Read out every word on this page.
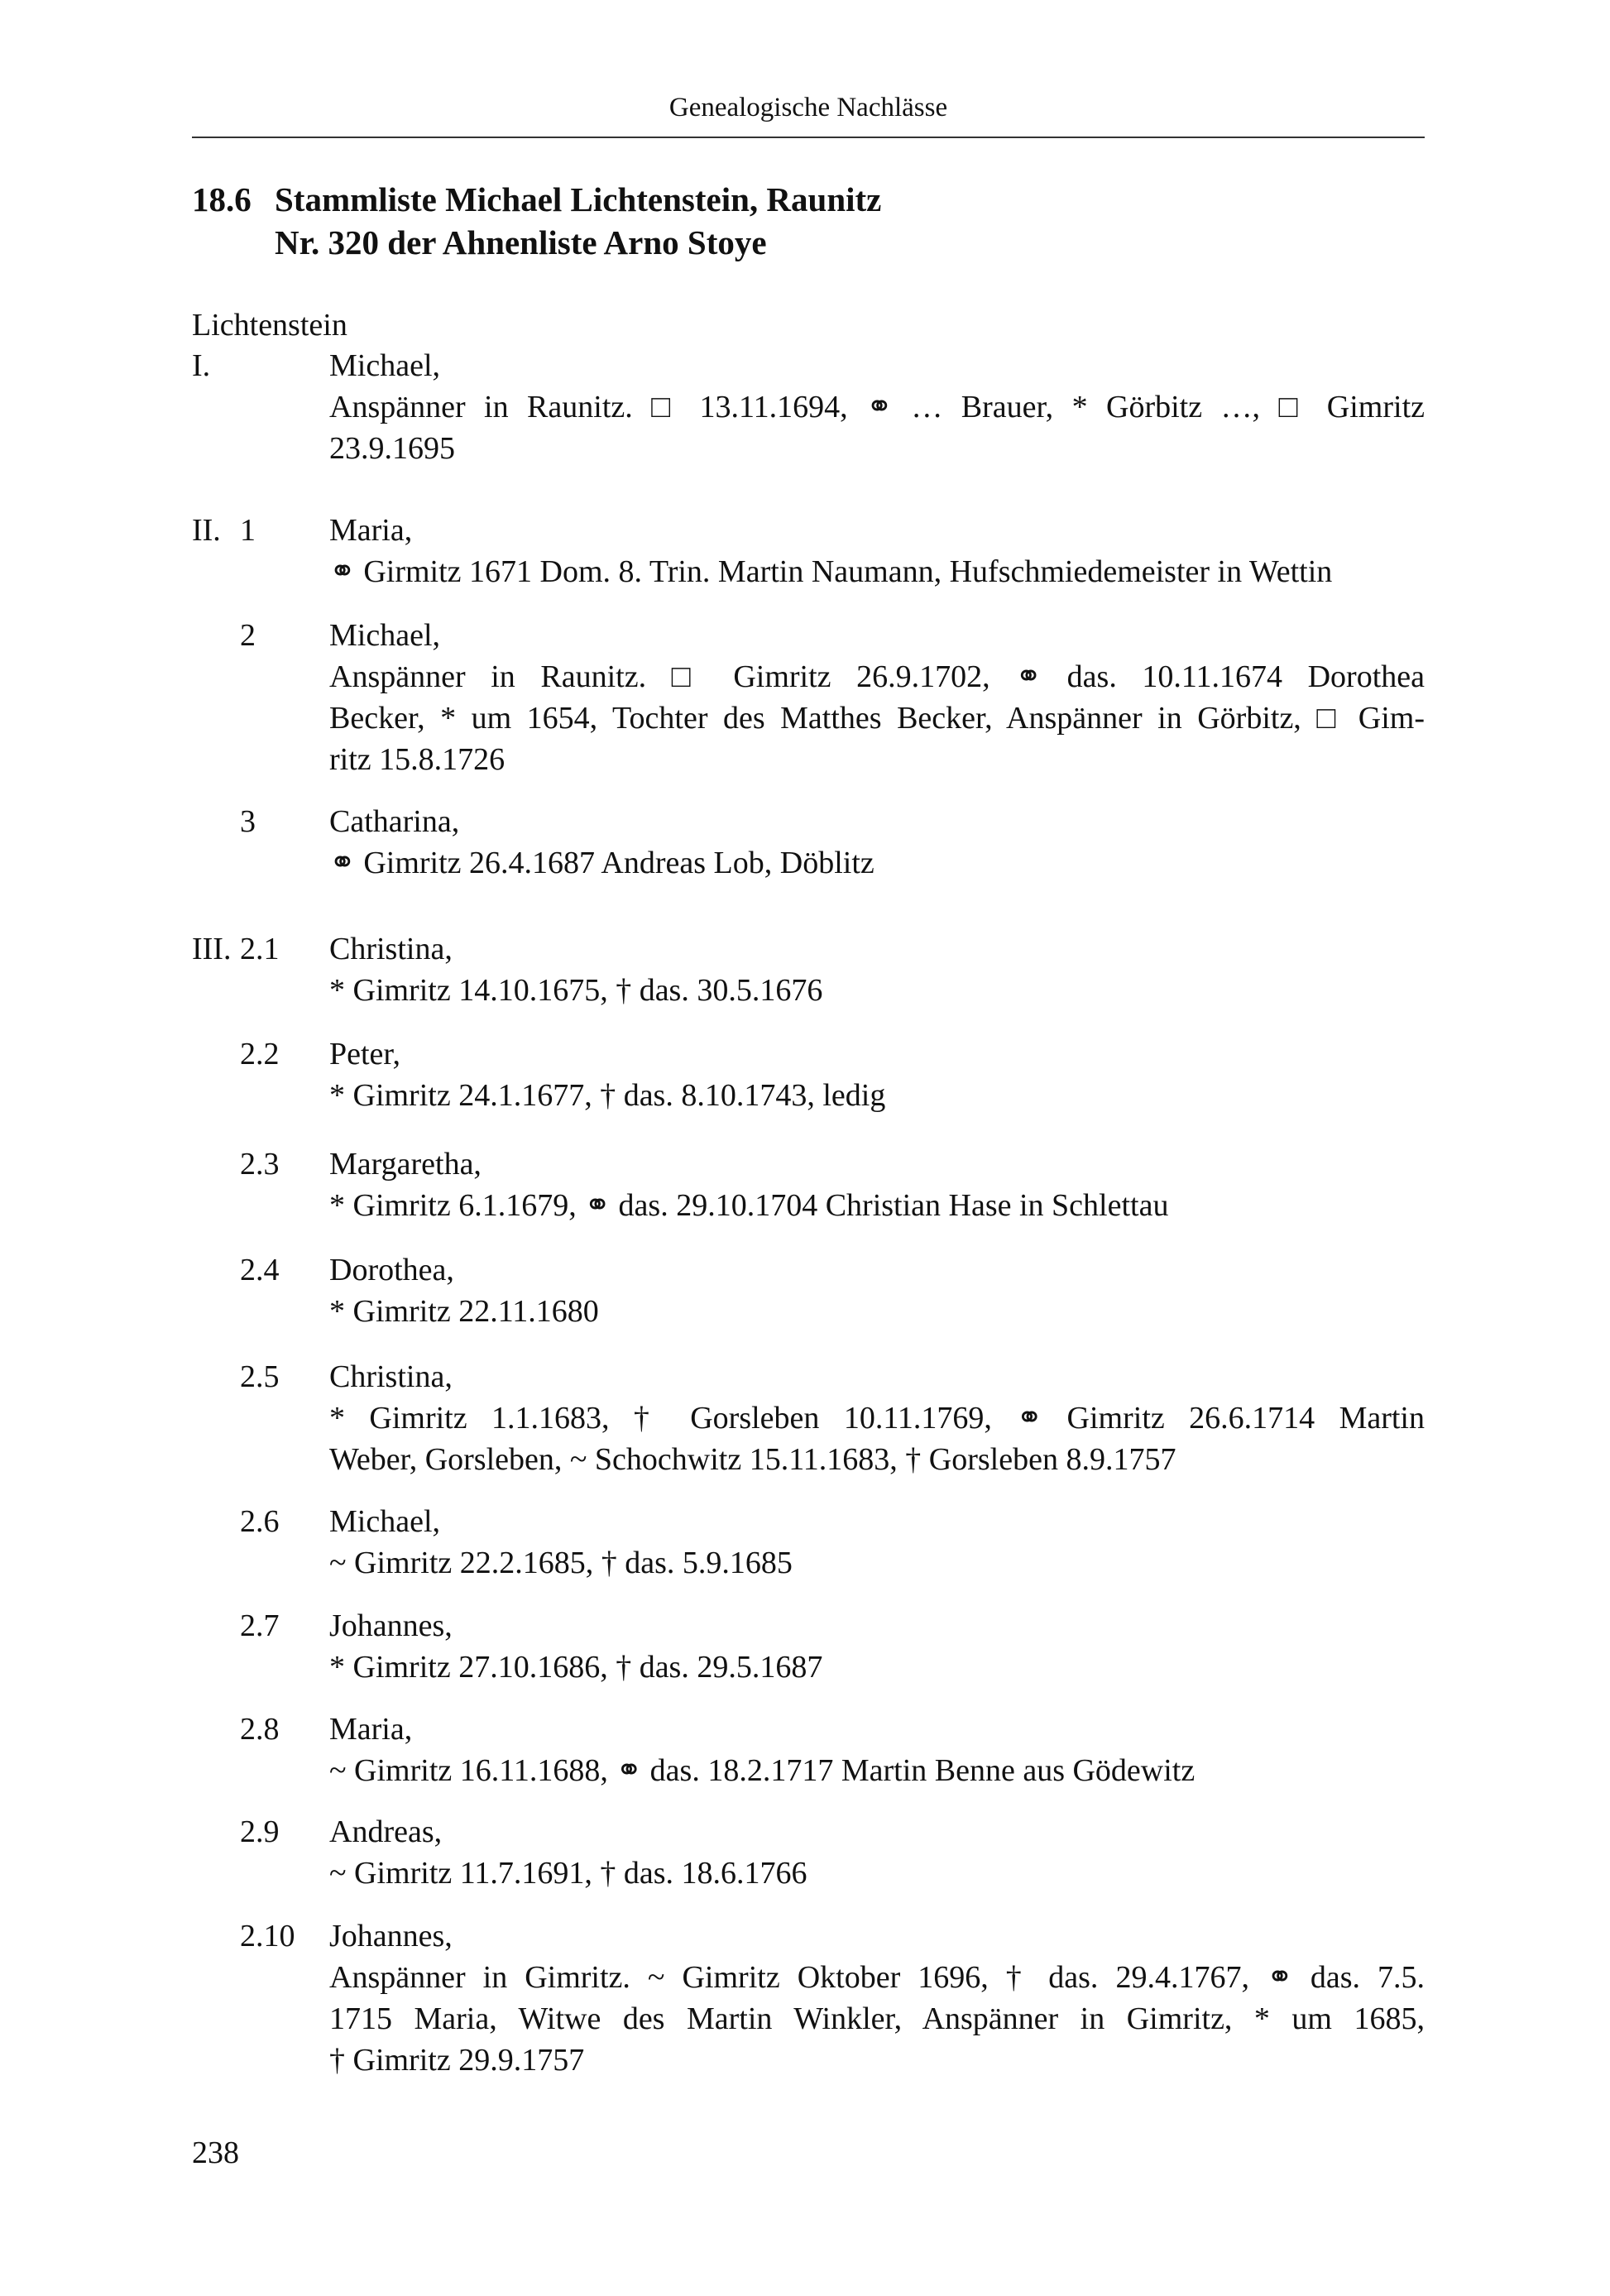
Genealogische Nachlässe
18.6 Stammliste Michael Lichtenstein, Raunitz
Nr. 320 der Ahnenliste Arno Stoye
Lichtenstein
I.	Michael,
Anspänner in Raunitz. □ 13.11.1694, ⚭ … Brauer, * Görbitz …, □ Gimritz
23.9.1695
II. 1 Maria,
⚭ Girmitz 1671 Dom. 8. Trin. Martin Naumann, Hufschmiedemeister in Wettin
2 Michael,
Anspänner in Raunitz. □ Gimritz 26.9.1702, ⚭ das. 10.11.1674 Dorothea
Becker, * um 1654, Tochter des Matthes Becker, Anspänner in Görbitz, □ Gim-
ritz 15.8.1726
3 Catharina,
⚭ Gimritz 26.4.1687 Andreas Lob, Döblitz
III. 2.1 Christina,
* Gimritz 14.10.1675, † das. 30.5.1676
2.2 Peter,
* Gimritz 24.1.1677, † das. 8.10.1743, ledig
2.3 Margaretha,
* Gimritz 6.1.1679, ⚭ das. 29.10.1704 Christian Hase in Schlettau
2.4 Dorothea,
* Gimritz 22.11.1680
2.5 Christina,
* Gimritz 1.1.1683, † Gorsleben 10.11.1769, ⚭ Gimritz 26.6.1714 Martin
Weber, Gorsleben, ~ Schochwitz 15.11.1683, † Gorsleben 8.9.1757
2.6 Michael,
~ Gimritz 22.2.1685, † das. 5.9.1685
2.7 Johannes,
* Gimritz 27.10.1686, † das. 29.5.1687
2.8 Maria,
~ Gimritz 16.11.1688, ⚭ das. 18.2.1717 Martin Benne aus Gödewitz
2.9 Andreas,
~ Gimritz 11.7.1691, † das. 18.6.1766
2.10 Johannes,
Anspänner in Gimritz. ~ Gimritz Oktober 1696, † das. 29.4.1767, ⚭ das. 7.5.
1715 Maria, Witwe des Martin Winkler, Anspänner in Gimritz, * um 1685,
† Gimritz 29.9.1757
238
